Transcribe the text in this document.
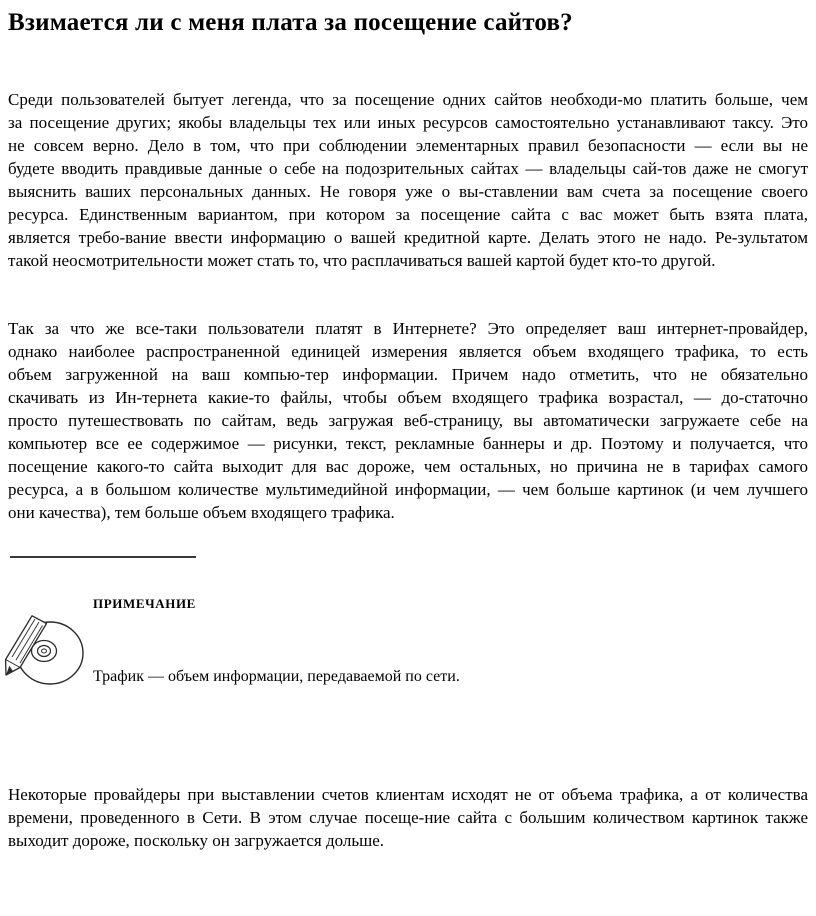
Взимается ли с меня плата за посещение сайтов?
Среди пользователей бытует легенда, что за посещение одних сайтов необходи-мо платить больше, чем
за посещение других; якобы владельцы тех или иных ресурсов самостоятельно устанавливают таксу. Это
не совсем верно. Дело в том, что при соблюдении элементарных правил безопасности — если вы не
будете вводить правдивые данные о себе на подозрительных сайтах — владельцы сай-тов даже не смогут
выяснить ваших персональных данных. Не говоря уже о вы-ставлении вам счета за посещение своего
ресурса. Единственным вариантом, при котором за посещение сайта с вас может быть взята плата,
является требо-вание ввести информацию о вашей кредитной карте. Делать этого не надо. Ре-зультатом
такой неосмотрительности может стать то, что расплачиваться вашей картой будет кто-то другой.
Так за что же все-таки пользователи платят в Интернете? Это определяет ваш интернет-провайдер,
однако наиболее распространенной единицей измерения является объем входящего трафика, то есть
объем загруженной на ваш компью-тер информации. Причем надо отметить, что не обязательно
скачивать из Ин-тернета какие-то файлы, чтобы объем входящего трафика возрастал, — до-статочно
просто путешествовать по сайтам, ведь загружая веб-страницу, вы автоматически загружаете себе на
компьютер все ее содержимое — рисунки, текст, рекламные баннеры и др. Поэтому и получается, что
посещение какого-то сайта выходит для вас дороже, чем остальных, но причина не в тарифах самого
ресурса, а в большом количестве мультимедийной информации, — чем больше картинок (и чем лучшего
они качества), тем больше объем входящего трафика.
ПРИМЕЧАНИЕ
Трафик — объем информации, передаваемой по сети.
Некоторые провайдеры при выставлении счетов клиентам исходят не от объема трафика, а от количества
времени, проведенного в Сети. В этом случае посеще-ние сайта с большим количеством картинок также
выходит дороже, поскольку он загружается дольше.
